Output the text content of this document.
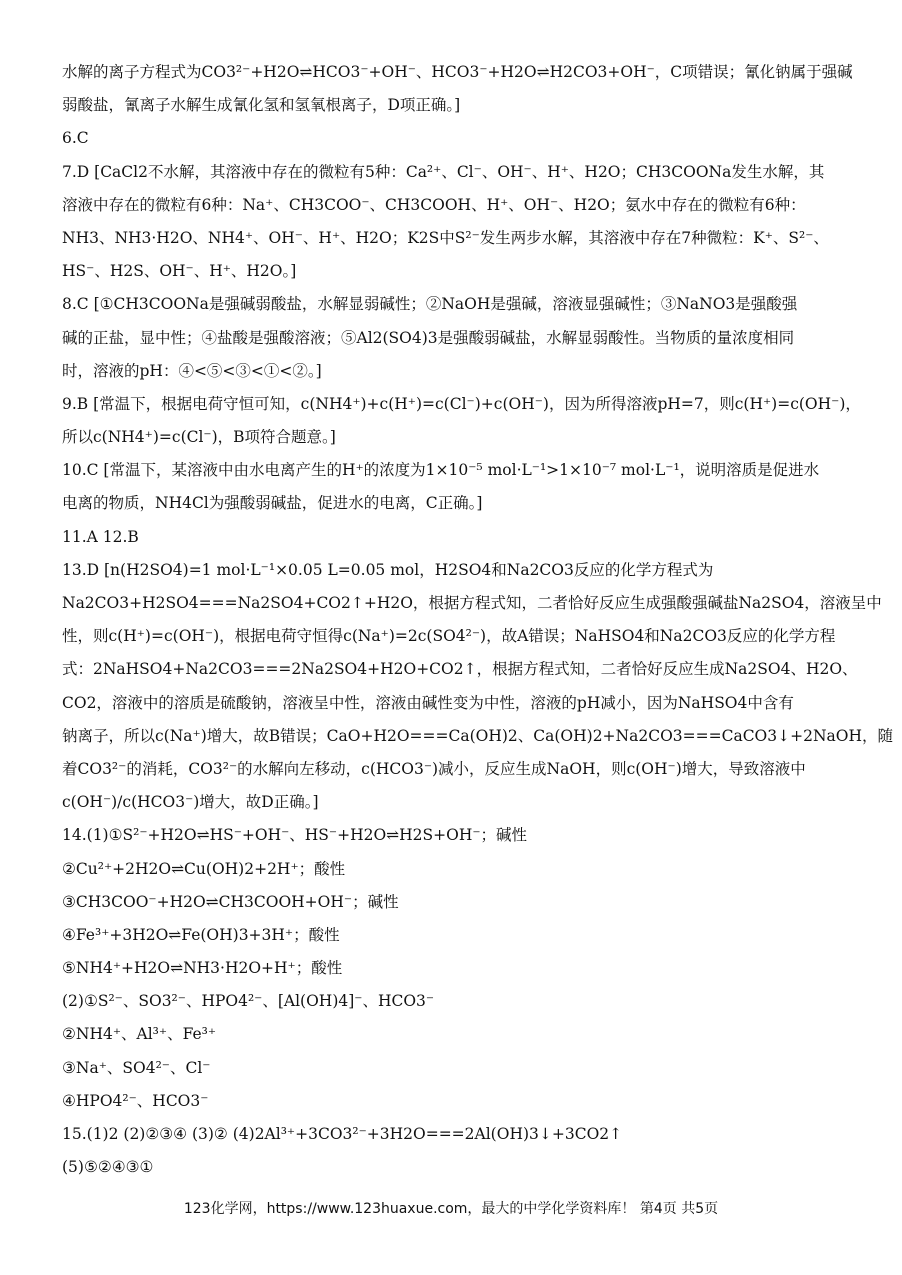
水解的离子方程式为CO3²⁻+H2O⇌HCO3⁻+OH⁻、HCO3⁻+H2O⇌H2CO3+OH⁻，C项错误；氰化钠属于强碱
弱酸盐，氰离子水解生成氰化氢和氢氧根离子，D项正确。]
6.C
7.D [CaCl2不水解，其溶液中存在的微粒有5种：Ca²⁺、Cl⁻、OH⁻、H⁺、H2O；CH3COONa发生水解，其
溶液中存在的微粒有6种：Na⁺、CH3COO⁻、CH3COOH、H⁺、OH⁻、H2O；氨水中存在的微粒有6种：
NH3、NH3·H2O、NH4⁺、OH⁻、H⁺、H2O；K2S中S²⁻发生两步水解，其溶液中存在7种微粒：K⁺、S²⁻、
HS⁻、H2S、OH⁻、H⁺、H2O。]
8.C [①CH3COONa是强碱弱酸盐，水解显弱碱性；②NaOH是强碱，溶液显强碱性；③NaNO3是强酸强
碱的正盐，显中性；④盐酸是强酸溶液；⑤Al2(SO4)3是强酸弱碱盐，水解显弱酸性。当物质的量浓度相同
时，溶液的pH：④<⑤<③<①<②。]
9.B [常温下，根据电荷守恒可知，c(NH4⁺)+c(H⁺)=c(Cl⁻)+c(OH⁻)，因为所得溶液pH=7，则c(H⁺)=c(OH⁻)，
所以c(NH4⁺)=c(Cl⁻)，B项符合题意。]
10.C [常温下，某溶液中由水电离产生的H⁺的浓度为1×10⁻⁵ mol·L⁻¹>1×10⁻⁷ mol·L⁻¹，说明溶质是促进水
电离的物质，NH4Cl为强酸弱碱盐，促进水的电离，C正确。]
11.A 12.B
13.D [n(H2SO4)=1 mol·L⁻¹×0.05 L=0.05 mol，H2SO4和Na2CO3反应的化学方程式为
Na2CO3+H2SO4===Na2SO4+CO2↑+H2O，根据方程式知，二者恰好反应生成强酸强碱盐Na2SO4，溶液呈中
性，则c(H⁺)=c(OH⁻)，根据电荷守恒得c(Na⁺)=2c(SO4²⁻)，故A错误；NaHSO4和Na2CO3反应的化学方程
式：2NaHSO4+Na2CO3===2Na2SO4+H2O+CO2↑，根据方程式知，二者恰好反应生成Na2SO4、H2O、
CO2，溶液中的溶质是硫酸钠，溶液呈中性，溶液由碱性变为中性，溶液的pH减小，因为NaHSO4中含有
钠离子，所以c(Na⁺)增大，故B错误；CaO+H2O===Ca(OH)2、Ca(OH)2+Na2CO3===CaCO3↓+2NaOH，随
着CO3²⁻的消耗，CO3²⁻的水解向左移动，c(HCO3⁻)减小，反应生成NaOH，则c(OH⁻)增大，导致溶液中
c(OH⁻)/c(HCO3⁻)增大，故D正确。]
14.(1)①S²⁻+H2O⇌HS⁻+OH⁻、HS⁻+H2O⇌H2S+OH⁻；碱性
②Cu²⁺+2H2O⇌Cu(OH)2+2H⁺；酸性
③CH3COO⁻+H2O⇌CH3COOH+OH⁻；碱性
④Fe³⁺+3H2O⇌Fe(OH)3+3H⁺；酸性
⑤NH4⁺+H2O⇌NH3·H2O+H⁺；酸性
(2)①S²⁻、SO3²⁻、HPO4²⁻、[Al(OH)4]⁻、HCO3⁻
②NH4⁺、Al³⁺、Fe³⁺
③Na⁺、SO4²⁻、Cl⁻
④HPO4²⁻、HCO3⁻
15.(1)2 (2)②③④ (3)② (4)2Al³⁺+3CO3²⁻+3H2O===2Al(OH)3↓+3CO2↑
(5)⑤②④③①
123化学网，https://www.123huaxue.com，最大的中学化学资料库！ 第4页 共5页
